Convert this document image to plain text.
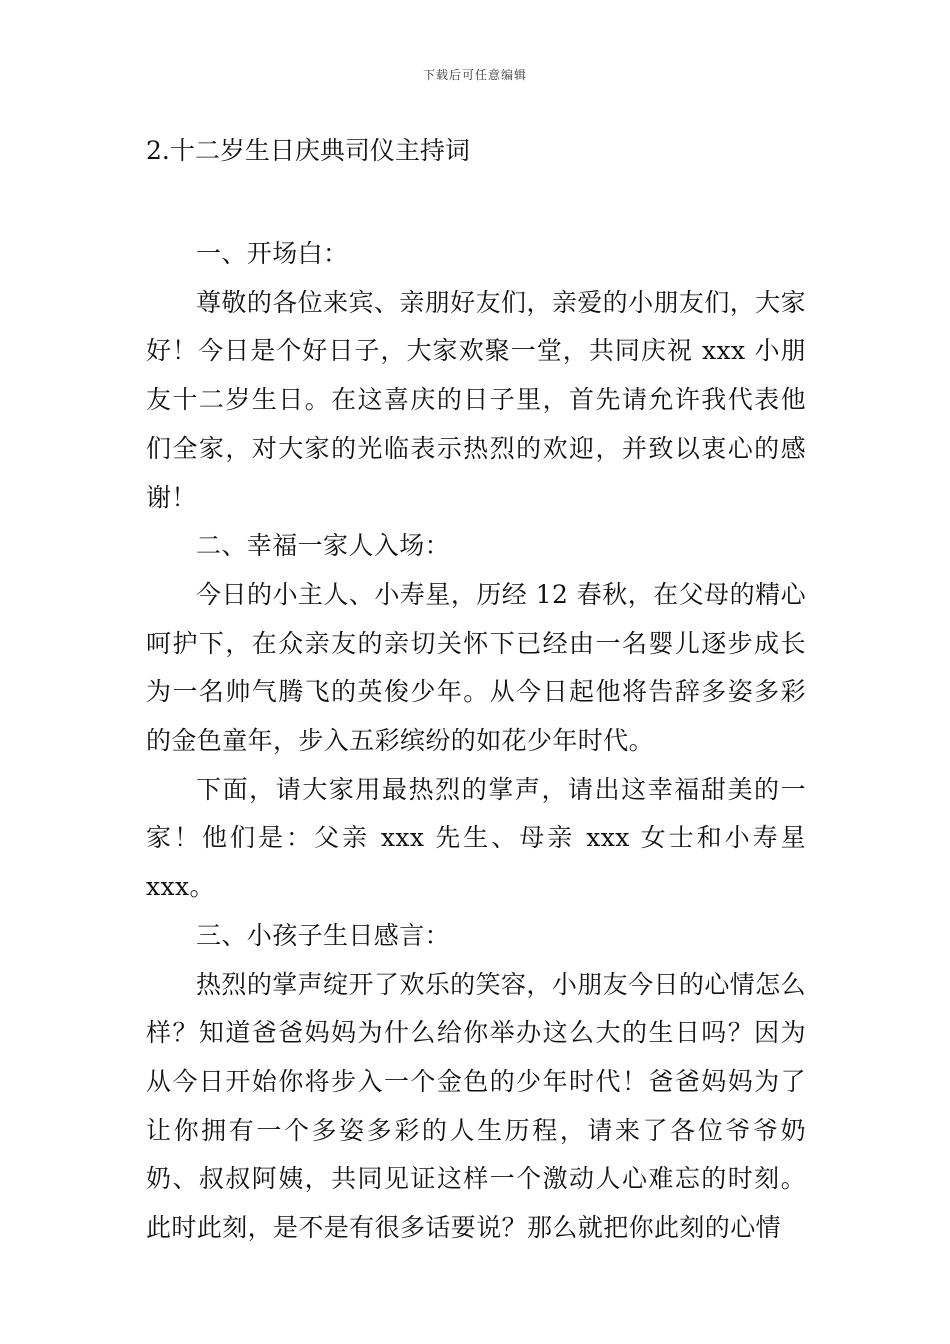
下载后可任意编辑
2.十二岁生日庆典司仪主持词

一、开场白：

尊敬的各位来宾、亲朋好友们，亲爱的小朋友们，大家好！今日是个好日子，大家欢聚一堂，共同庆祝 xxx 小朋友十二岁生日。在这喜庆的日子里，首先请允许我代表他们全家，对大家的光临表示热烈的欢迎，并致以衷心的感谢！

二、幸福一家人入场：

今日的小主人、小寿星，历经 12 春秋，在父母的精心呵护下，在众亲友的亲切关怀下已经由一名婴儿逐步成长为一名帅气腾飞的英俊少年。从今日起他将告辞多姿多彩的金色童年，步入五彩缤纷的如花少年时代。

下面，请大家用最热烈的掌声，请出这幸福甜美的一家！他们是：父亲 xxx 先生、母亲 xxx 女士和小寿星 xxx。

三、小孩子生日感言：

热烈的掌声绽开了欢乐的笑容，小朋友今日的心情怎么样？知道爸爸妈妈为什么给你举办这么大的生日吗？因为从今日开始你将步入一个金色的少年时代！爸爸妈妈为了让你拥有一个多姿多彩的人生历程，请来了各位爷爷奶奶、叔叔阿姨，共同见证这样一个激动人心难忘的时刻。此时此刻，是不是有很多话要说？那么就把你此刻的心情
